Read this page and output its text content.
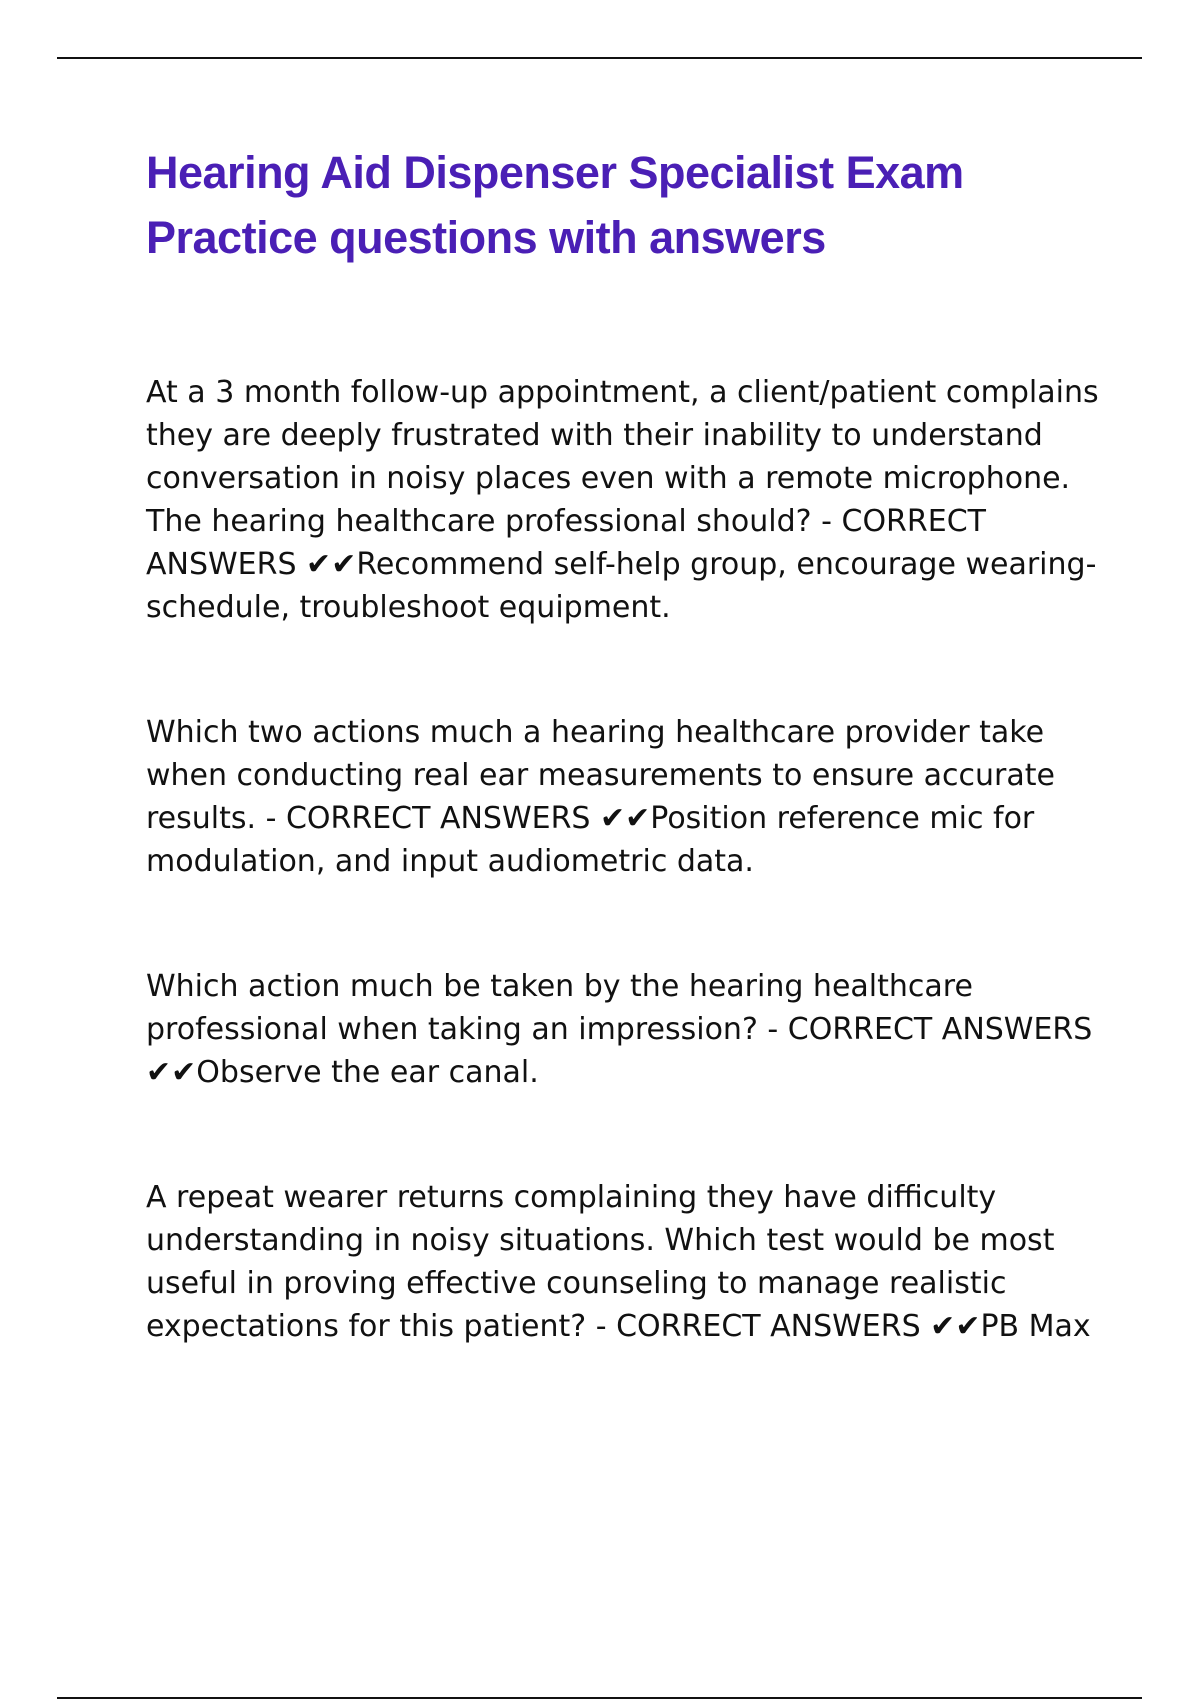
Hearing Aid Dispenser Specialist Exam Practice questions with answers

At a 3 month follow-up appointment, a client/patient complains they are deeply frustrated with their inability to understand conversation in noisy places even with a remote microphone. The hearing healthcare professional should? - CORRECT ANSWERS ✔✔Recommend self-help group, encourage wearing-schedule, troubleshoot equipment.

Which two actions much a hearing healthcare provider take when conducting real ear measurements to ensure accurate results. - CORRECT ANSWERS ✔✔Position reference mic for modulation, and input audiometric data.

Which action much be taken by the hearing healthcare professional when taking an impression? - CORRECT ANSWERS ✔✔Observe the ear canal.

A repeat wearer returns complaining they have difficulty understanding in noisy situations. Which test would be most useful in proving effective counseling to manage realistic expectations for this patient? - CORRECT ANSWERS ✔✔PB Max
